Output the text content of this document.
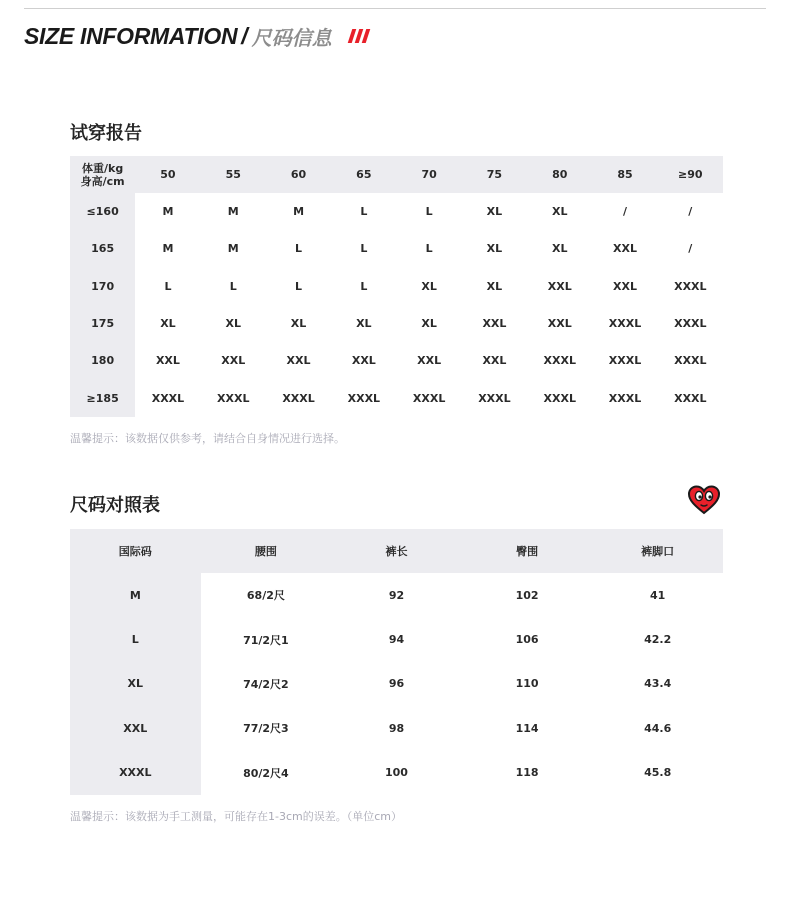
SIZE INFORMATION / 尺码信息
试穿报告
体重/kg
身高/cm	50	55	60	65	70	75	80	85	≥90
≤160	M	M	M	L	L	XL	XL	/	/
165	M	M	L	L	L	XL	XL	XXL	/
170	L	L	L	L	XL	XL	XXL	XXL	XXXL
175	XL	XL	XL	XL	XL	XXL	XXL	XXXL	XXXL
180	XXL	XXL	XXL	XXL	XXL	XXL	XXXL	XXXL	XXXL
≥185	XXXL	XXXL	XXXL	XXXL	XXXL	XXXL	XXXL	XXXL	XXXL
温馨提示：该数据仅供参考，请结合自身情况进行选择。
尺码对照表
国际码	腰围	裤长	臀围	裤脚口
M	68/2尺	92	102	41
L	71/2尺1	94	106	42.2
XL	74/2尺2	96	110	43.4
XXL	77/2尺3	98	114	44.6
XXXL	80/2尺4	100	118	45.8
温馨提示：该数据为手工测量，可能存在1-3cm的误差。（单位cm）
